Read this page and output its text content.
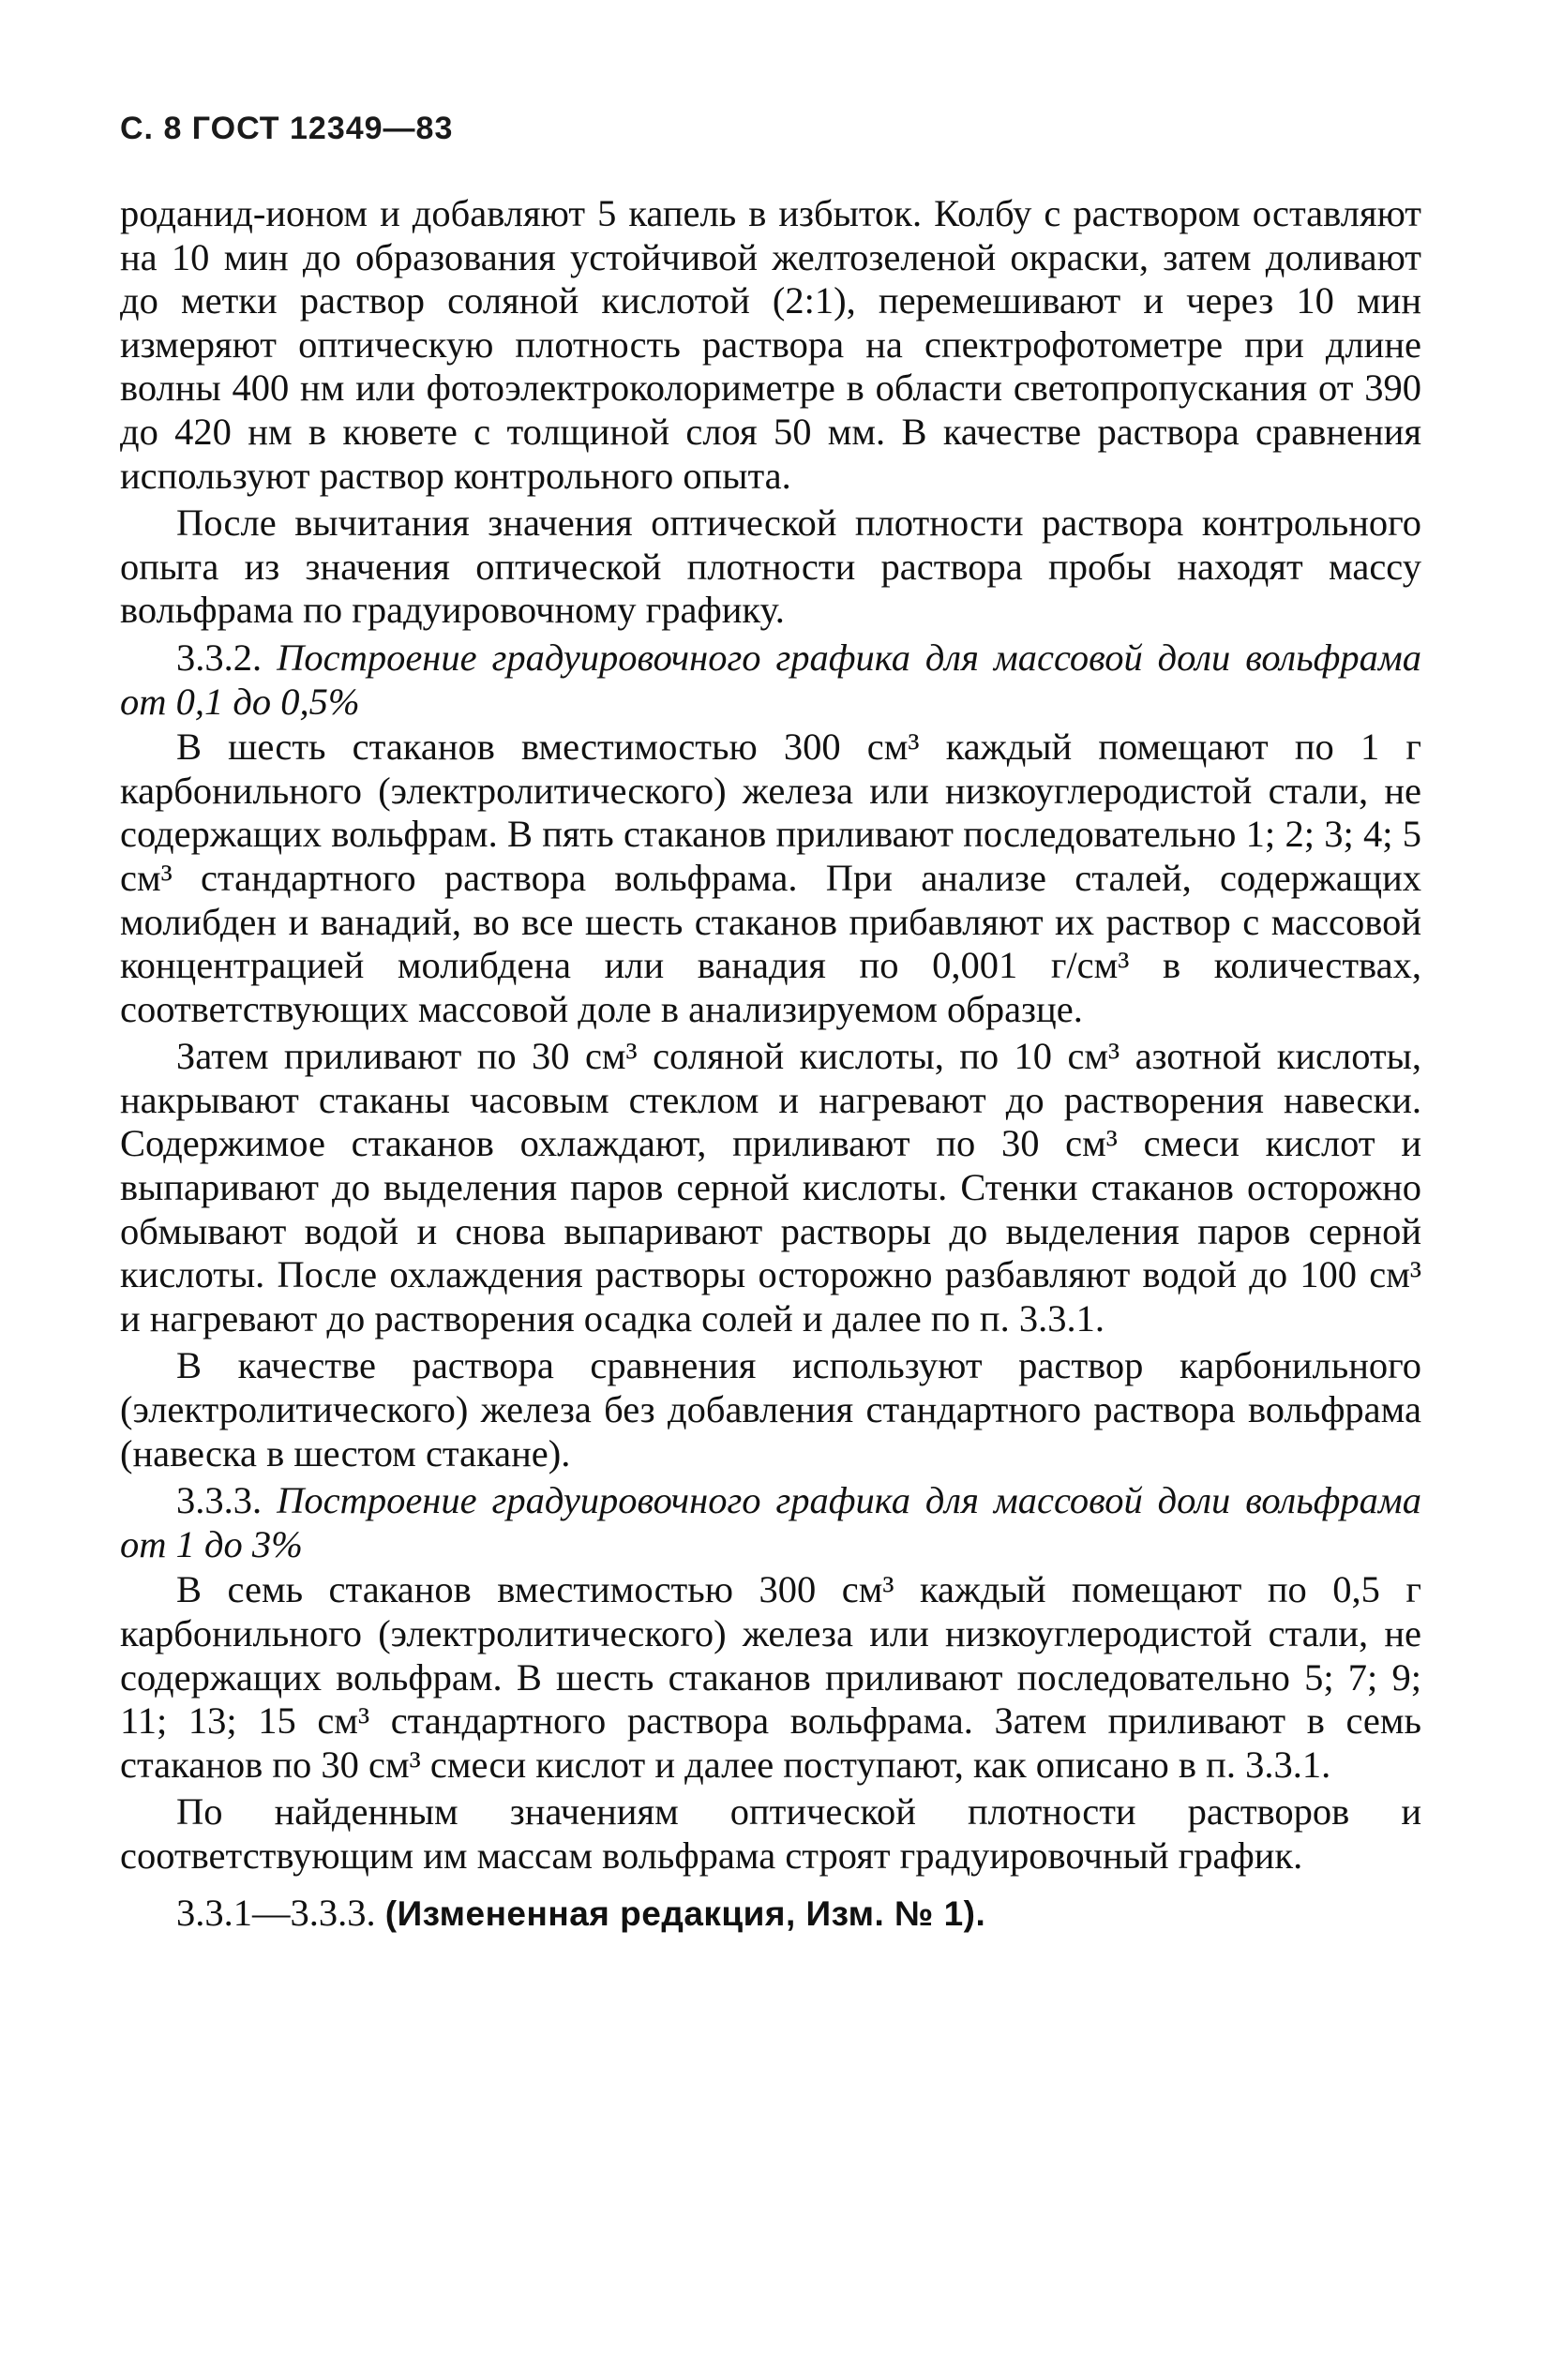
С. 8 ГОСТ 12349—83

роданид-ионом и добавляют 5 капель в избыток. Колбу с раствором оставляют на 10 мин до образования устойчивой желтозеленой окраски, затем доливают до метки раствор соляной кислотой (2:1), перемешивают и через 10 мин измеряют оптическую плотность раствора на спектрофотометре при длине волны 400 нм или фотоэлектроколориметре в области светопропускания от 390 до 420 нм в кювете с толщиной слоя 50 мм. В качестве раствора сравнения используют раствор контрольного опыта.

После вычитания значения оптической плотности раствора контрольного опыта из значения оптической плотности раствора пробы находят массу вольфрама по градуировочному графику.

3.3.2. Построение градуировочного графика для массовой доли вольфрама от 0,1 до 0,5%

В шесть стаканов вместимостью 300 см³ каждый помещают по 1 г карбонильного (электролитического) железа или низкоуглеродистой стали, не содержащих вольфрам. В пять стаканов приливают последовательно 1; 2; 3; 4; 5 см³ стандартного раствора вольфрама. При анализе сталей, содержащих молибден и ванадий, во все шесть стаканов прибавляют их раствор с массовой концентрацией молибдена или ванадия по 0,001 г/см³ в количествах, соответствующих массовой доле в анализируемом образце.

Затем приливают по 30 см³ соляной кислоты, по 10 см³ азотной кислоты, накрывают стаканы часовым стеклом и нагревают до растворения навески. Содержимое стаканов охлаждают, приливают по 30 см³ смеси кислот и выпаривают до выделения паров серной кислоты. Стенки стаканов осторожно обмывают водой и снова выпаривают растворы до выделения паров серной кислоты. После охлаждения растворы осторожно разбавляют водой до 100 см³ и нагревают до растворения осадка солей и далее по п. 3.3.1.

В качестве раствора сравнения используют раствор карбонильного (электролитического) железа без добавления стандартного раствора вольфрама (навеска в шестом стакане).

3.3.3. Построение градуировочного графика для массовой доли вольфрама от 1 до 3%

В семь стаканов вместимостью 300 см³ каждый помещают по 0,5 г карбонильного (электролитического) железа или низкоуглеродистой стали, не содержащих вольфрам. В шесть стаканов приливают последовательно 5; 7; 9; 11; 13; 15 см³ стандартного раствора вольфрама. Затем приливают в семь стаканов по 30 см³ смеси кислот и далее поступают, как описано в п. 3.3.1.

По найденным значениям оптической плотности растворов и соответствующим им массам вольфрама строят градуировочный график.

3.3.1—3.3.3. (Измененная редакция, Изм. № 1).
